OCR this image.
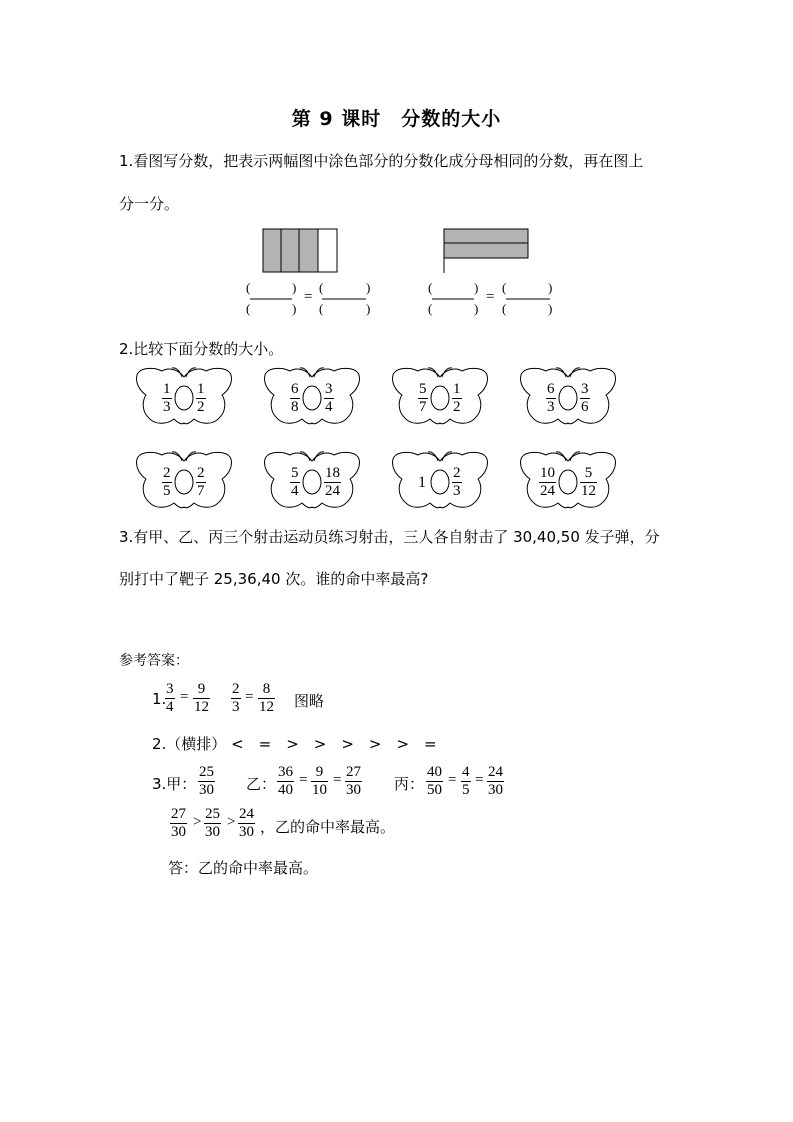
第 9 课时　分数的大小
1.看图写分数，把表示两幅图中涂色部分的分数化成分母相同的分数，再在图上
分一分。
(	)
(	)
=
(	)
(	)
(	)
(	)
=
(	)
(	)
2.比较下面分数的大小。
$\frac{1}{3} \frac{1}{2}$	$\frac{6}{8} \frac{3}{4}$	$\frac{5}{7} \frac{1}{2}$	$\frac{6}{3} \frac{3}{6}$
$\frac{2}{5} \frac{2}{7}$	$\frac{5}{4} \frac{18}{24}$	$1 \frac{2}{3}$	$\frac{10}{24} \frac{5}{12}$
3.有甲、乙、丙三个射击运动员练习射击，三人各自射击了 30,40,50 发子弹，分
别打中了靶子 25,36,40 次。谁的命中率最高?
参考答案：
1.
$\frac{3}{4} = \frac{9}{12} \frac{2}{3} = \frac{8}{12}$ 图略
2.（横排） <　=　>　>　>　>　>　=
3.甲： $\frac{25}{30}$ 乙： $\frac{36}{40} = \frac{9}{10} = \frac{27}{30}$ 丙： $\frac{40}{50} = \frac{4}{5} = \frac{24}{30}$
$\frac{27}{30} > \frac{25}{30} > \frac{24}{30}$ ，乙的命中率最高。
答：乙的命中率最高。
